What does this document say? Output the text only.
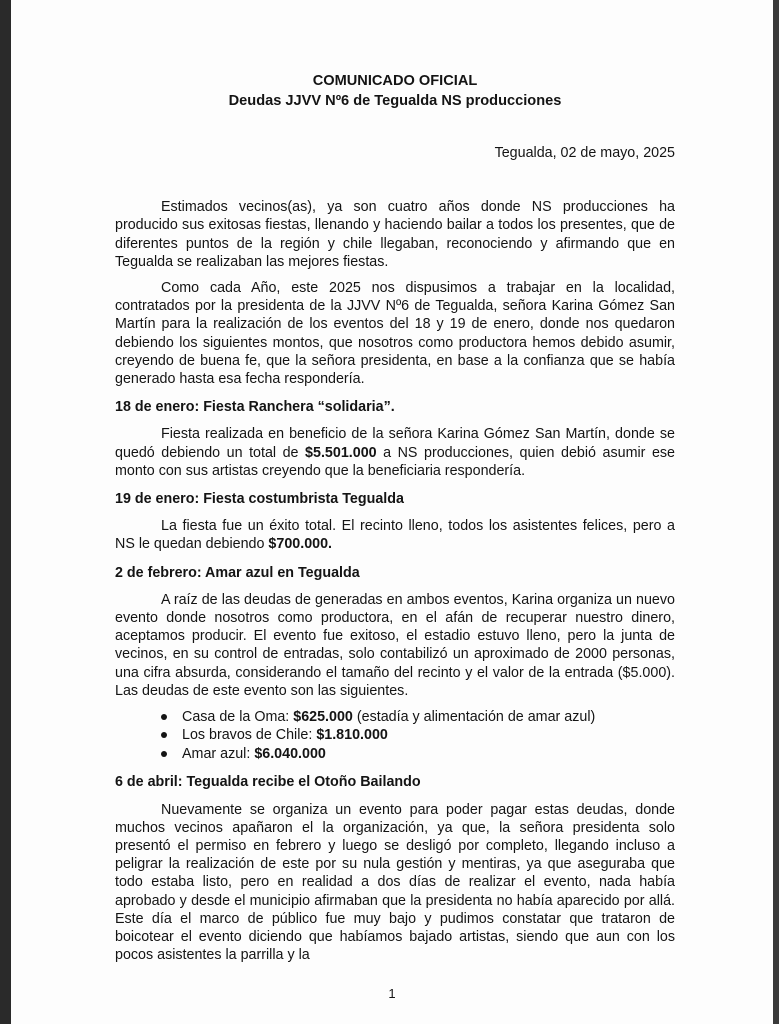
COMUNICADO OFICIAL
Deudas JJVV Nº6 de Tegualda NS producciones
Tegualda, 02 de mayo, 2025

Estimados vecinos(as), ya son cuatro años donde NS producciones ha producido sus exitosas fiestas, llenando y haciendo bailar a todos los presentes, que de diferentes puntos de la región y chile llegaban, reconociendo y afirmando que en Tegualda se realizaban las mejores fiestas.

Como cada Año, este 2025 nos dispusimos a trabajar en la localidad, contratados por la presidenta de la JJVV Nº6 de Tegualda, señora Karina Gómez San Martín para la realización de los eventos del 18 y 19 de enero, donde nos quedaron debiendo los siguientes montos, que nosotros como productora hemos debido asumir, creyendo de buena fe, que la señora presidenta, en base a la confianza que se había generado hasta esa fecha respondería.

18 de enero: Fiesta Ranchera “solidaria”.

Fiesta realizada en beneficio de la señora Karina Gómez San Martín, donde se quedó debiendo un total de $5.501.000 a NS producciones, quien debió asumir ese monto con sus artistas creyendo que la beneficiaria respondería.

19 de enero: Fiesta costumbrista Tegualda

La fiesta fue un éxito total. El recinto lleno, todos los asistentes felices, pero a NS le quedan debiendo $700.000.

2 de febrero: Amar azul en Tegualda

A raíz de las deudas de generadas en ambos eventos, Karina organiza un nuevo evento donde nosotros como productora, en el afán de recuperar nuestro dinero, aceptamos producir. El evento fue exitoso, el estadio estuvo lleno, pero la junta de vecinos, en su control de entradas, solo contabilizó un aproximado de 2000 personas, una cifra absurda, considerando el tamaño del recinto y el valor de la entrada ($5.000). Las deudas de este evento son las siguientes.

Casa de la Oma: $625.000 (estadía y alimentación de amar azul)
Los bravos de Chile: $1.810.000
Amar azul: $6.040.000
6 de abril: Tegualda recibe el Otoño Bailando

Nuevamente se organiza un evento para poder pagar estas deudas, donde muchos vecinos apañaron el la organización, ya que, la señora presidenta solo presentó el permiso en febrero y luego se desligó por completo, llegando incluso a peligrar la realización de este por su nula gestión y mentiras, ya que aseguraba que todo estaba listo, pero en realidad a dos días de realizar el evento, nada había aprobado y desde el municipio afirmaban que la presidenta no había aparecido por allá. Este día el marco de público fue muy bajo y pudimos constatar que trataron de boicotear el evento diciendo que habíamos bajado artistas, siendo que aun con los pocos asistentes la parrilla y la

1
